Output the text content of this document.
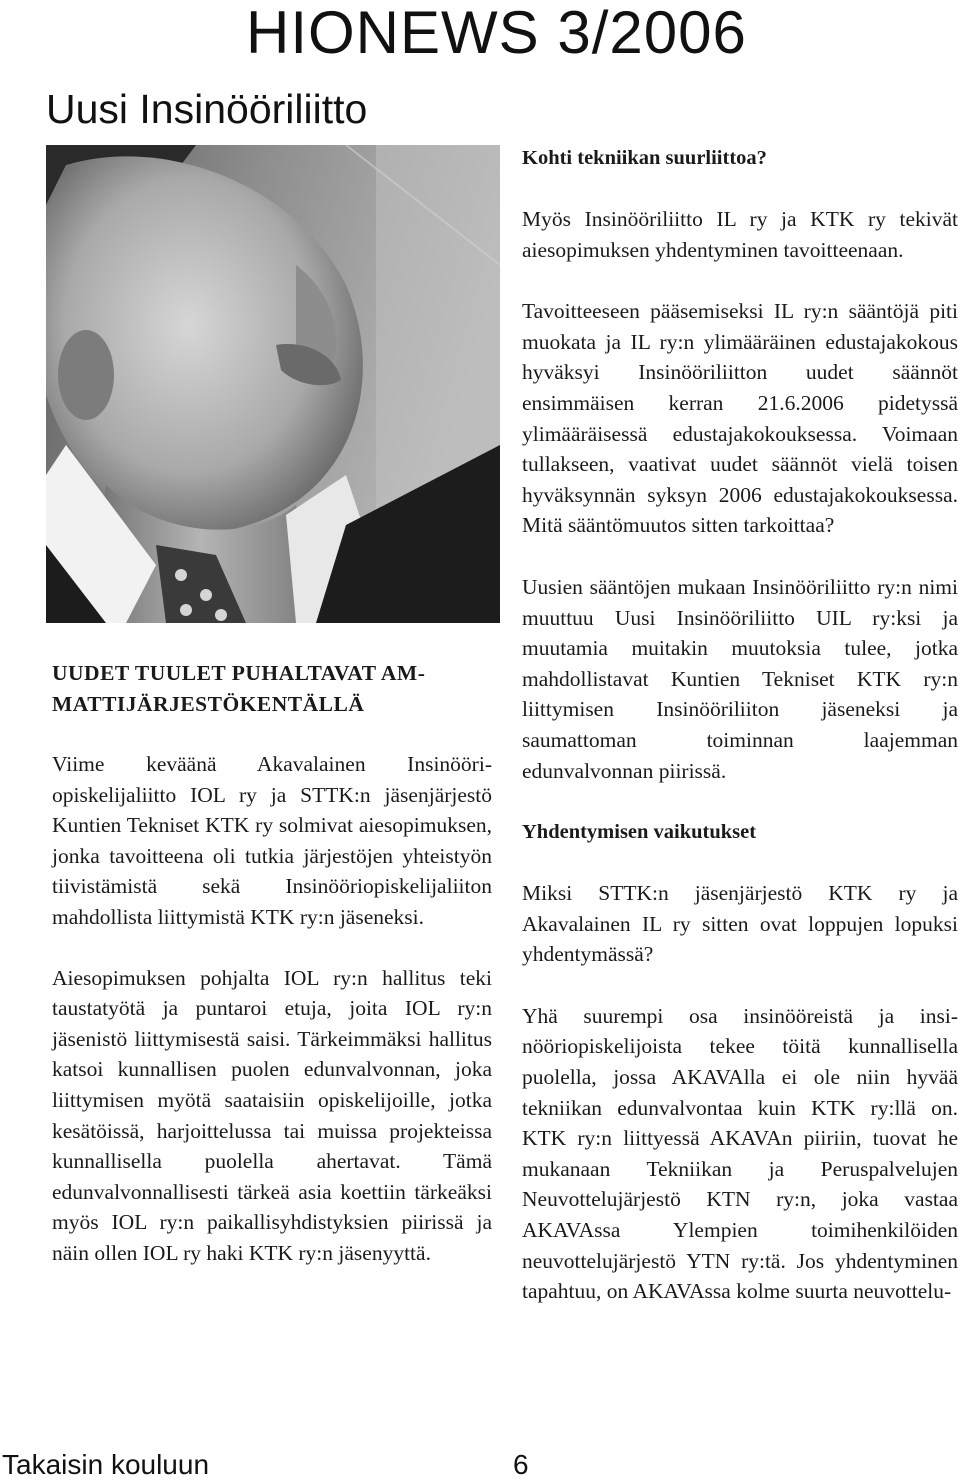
HIONEWS 3/2006
Uusi Insinööriliitto

UUDET TUULET PUHALTAVAT AMMATTIJÄRJESTÖKENTÄLLÄ

Viime keväänä Akavalainen Insinööriopiskelijaliitto IOL ry ja STTK:n jäsenjärjestö Kuntien Tekniset KTK ry solmivat aiesopimuksen, jonka tavoitteena oli tutkia järjestöjen yhteistyön tiivistämistä sekä Insinööriopiskelijaliiton mahdollista liittymistä KTK ry:n jäseneksi.

Aiesopimuksen pohjalta IOL ry:n hallitus teki taustatyötä ja puntaroi etuja, joita IOL ry:n jäsenistö liittymisestä saisi. Tärkeimmäksi hallitus katsoi kunnallisen puolen edunvalvonnan, joka liittymisen myötä saataisiin opiskelijoille, jotka kesätöissä, harjoittelussa tai muissa projekteissa kunnallisella puolella ahertavat. Tämä edunvalvonnallisesti tärkeä asia koettiin tärkeäksi myös IOL ry:n paikallisyhdistyksien piirissä ja näin ollen IOL ry haki KTK ry:n jäsenyyttä.

Kohti tekniikan suurliittoa?

Myös Insinööriliitto IL ry ja KTK ry tekivät aiesopimuksen yhdentyminen tavoitteenaan.

Tavoitteeseen pääsemiseksi IL ry:n sääntöjä piti muokata ja IL ry:n ylimääräinen edustajakokous hyväksyi Insinööriliitton uudet säännöt ensimmäisen kerran 21.6.2006 pidetyssä ylimääräisessä edustajakokouksessa. Voimaan tullakseen, vaativat uudet säännöt vielä toisen hyväksynnän syksyn 2006 edustajakokouksessa. Mitä sääntömuutos sitten tarkoittaa?

Uusien sääntöjen mukaan Insinööriliitto ry:n nimi muuttuu Uusi Insinööriliitto UIL ry:ksi ja muutamia muitakin muutoksia tulee, jotka mahdollistavat Kuntien Tekniset KTK ry:n liittymisen Insinööriliiton jäseneksi ja saumattoman toiminnan laajemman edunvalvonnan piirissä.

Yhdentymisen vaikutukset

Miksi STTK:n jäsenjärjestö KTK ry ja Akavalainen IL ry sitten ovat loppujen lopuksi yhdentymässä?

Yhä suurempi osa insinööreistä ja insinööriopiskelijoista tekee töitä kunnallisella puolella, jossa AKAVAlla ei ole niin hyvää tekniikan edunvalvontaa kuin KTK ry:llä on. KTK ry:n liittyessä AKAVAn piiriin, tuovat he mukanaan Tekniikan ja Peruspalvelujen Neuvottelujärjestö KTN ry:n, joka vastaa AKAVAssa Ylempien toimihenkilöiden neuvottelujärjestö YTN ry:tä. Jos yhdentyminen tapahtuu, on AKAVAssa kolme suurta neuvottelu-

Takaisin kouluun	6
